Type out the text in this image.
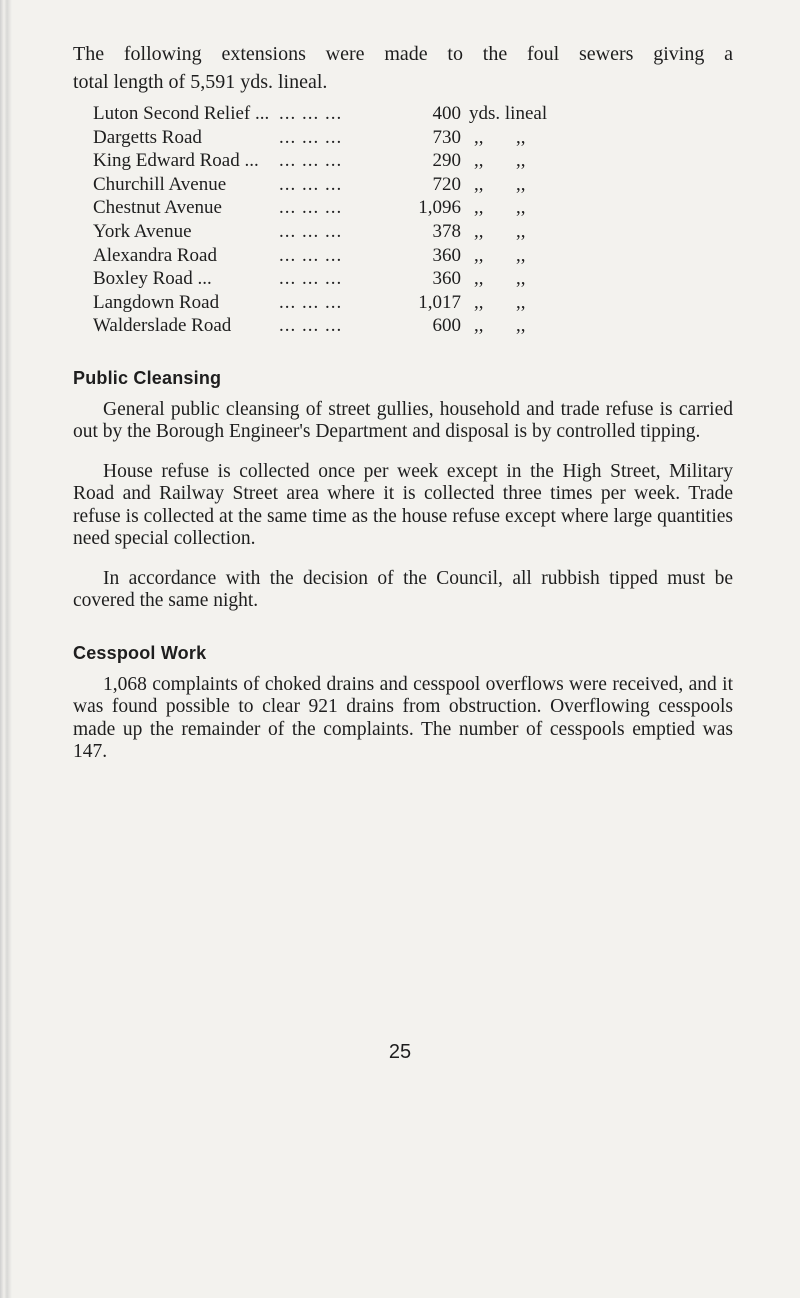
The following extensions were made to the foul sewers giving a
total length of 5,591 yds. lineal.

Luton Second Relief ...	... ... ...	400	yds. lineal
Dargetts Road	... ... ...	730	,, ,,
King Edward Road ...	... ... ...	290	,, ,,
Churchill Avenue	... ... ...	720	,, ,,
Chestnut Avenue	... ... ...	1,096	,, ,,
York Avenue	... ... ...	378	,, ,,
Alexandra Road	... ... ...	360	,, ,,
Boxley Road ...	... ... ...	360	,, ,,
Langdown Road	... ... ...	1,017	,, ,,
Walderslade Road	... ... ...	600	,, ,,
Public Cleansing

General public cleansing of street gullies, household and trade refuse is carried out by the Borough Engineer's Department and disposal is by controlled tipping.

House refuse is collected once per week except in the High Street, Military Road and Railway Street area where it is collected three times per week. Trade refuse is collected at the same time as the house refuse except where large quantities need special collection.

In accordance with the decision of the Council, all rubbish tipped must be covered the same night.

Cesspool Work

1,068 complaints of choked drains and cesspool overflows were received, and it was found possible to clear 921 drains from obstruction. Overflowing cesspools made up the remainder of the complaints. The number of cesspools emptied was 147.

25
